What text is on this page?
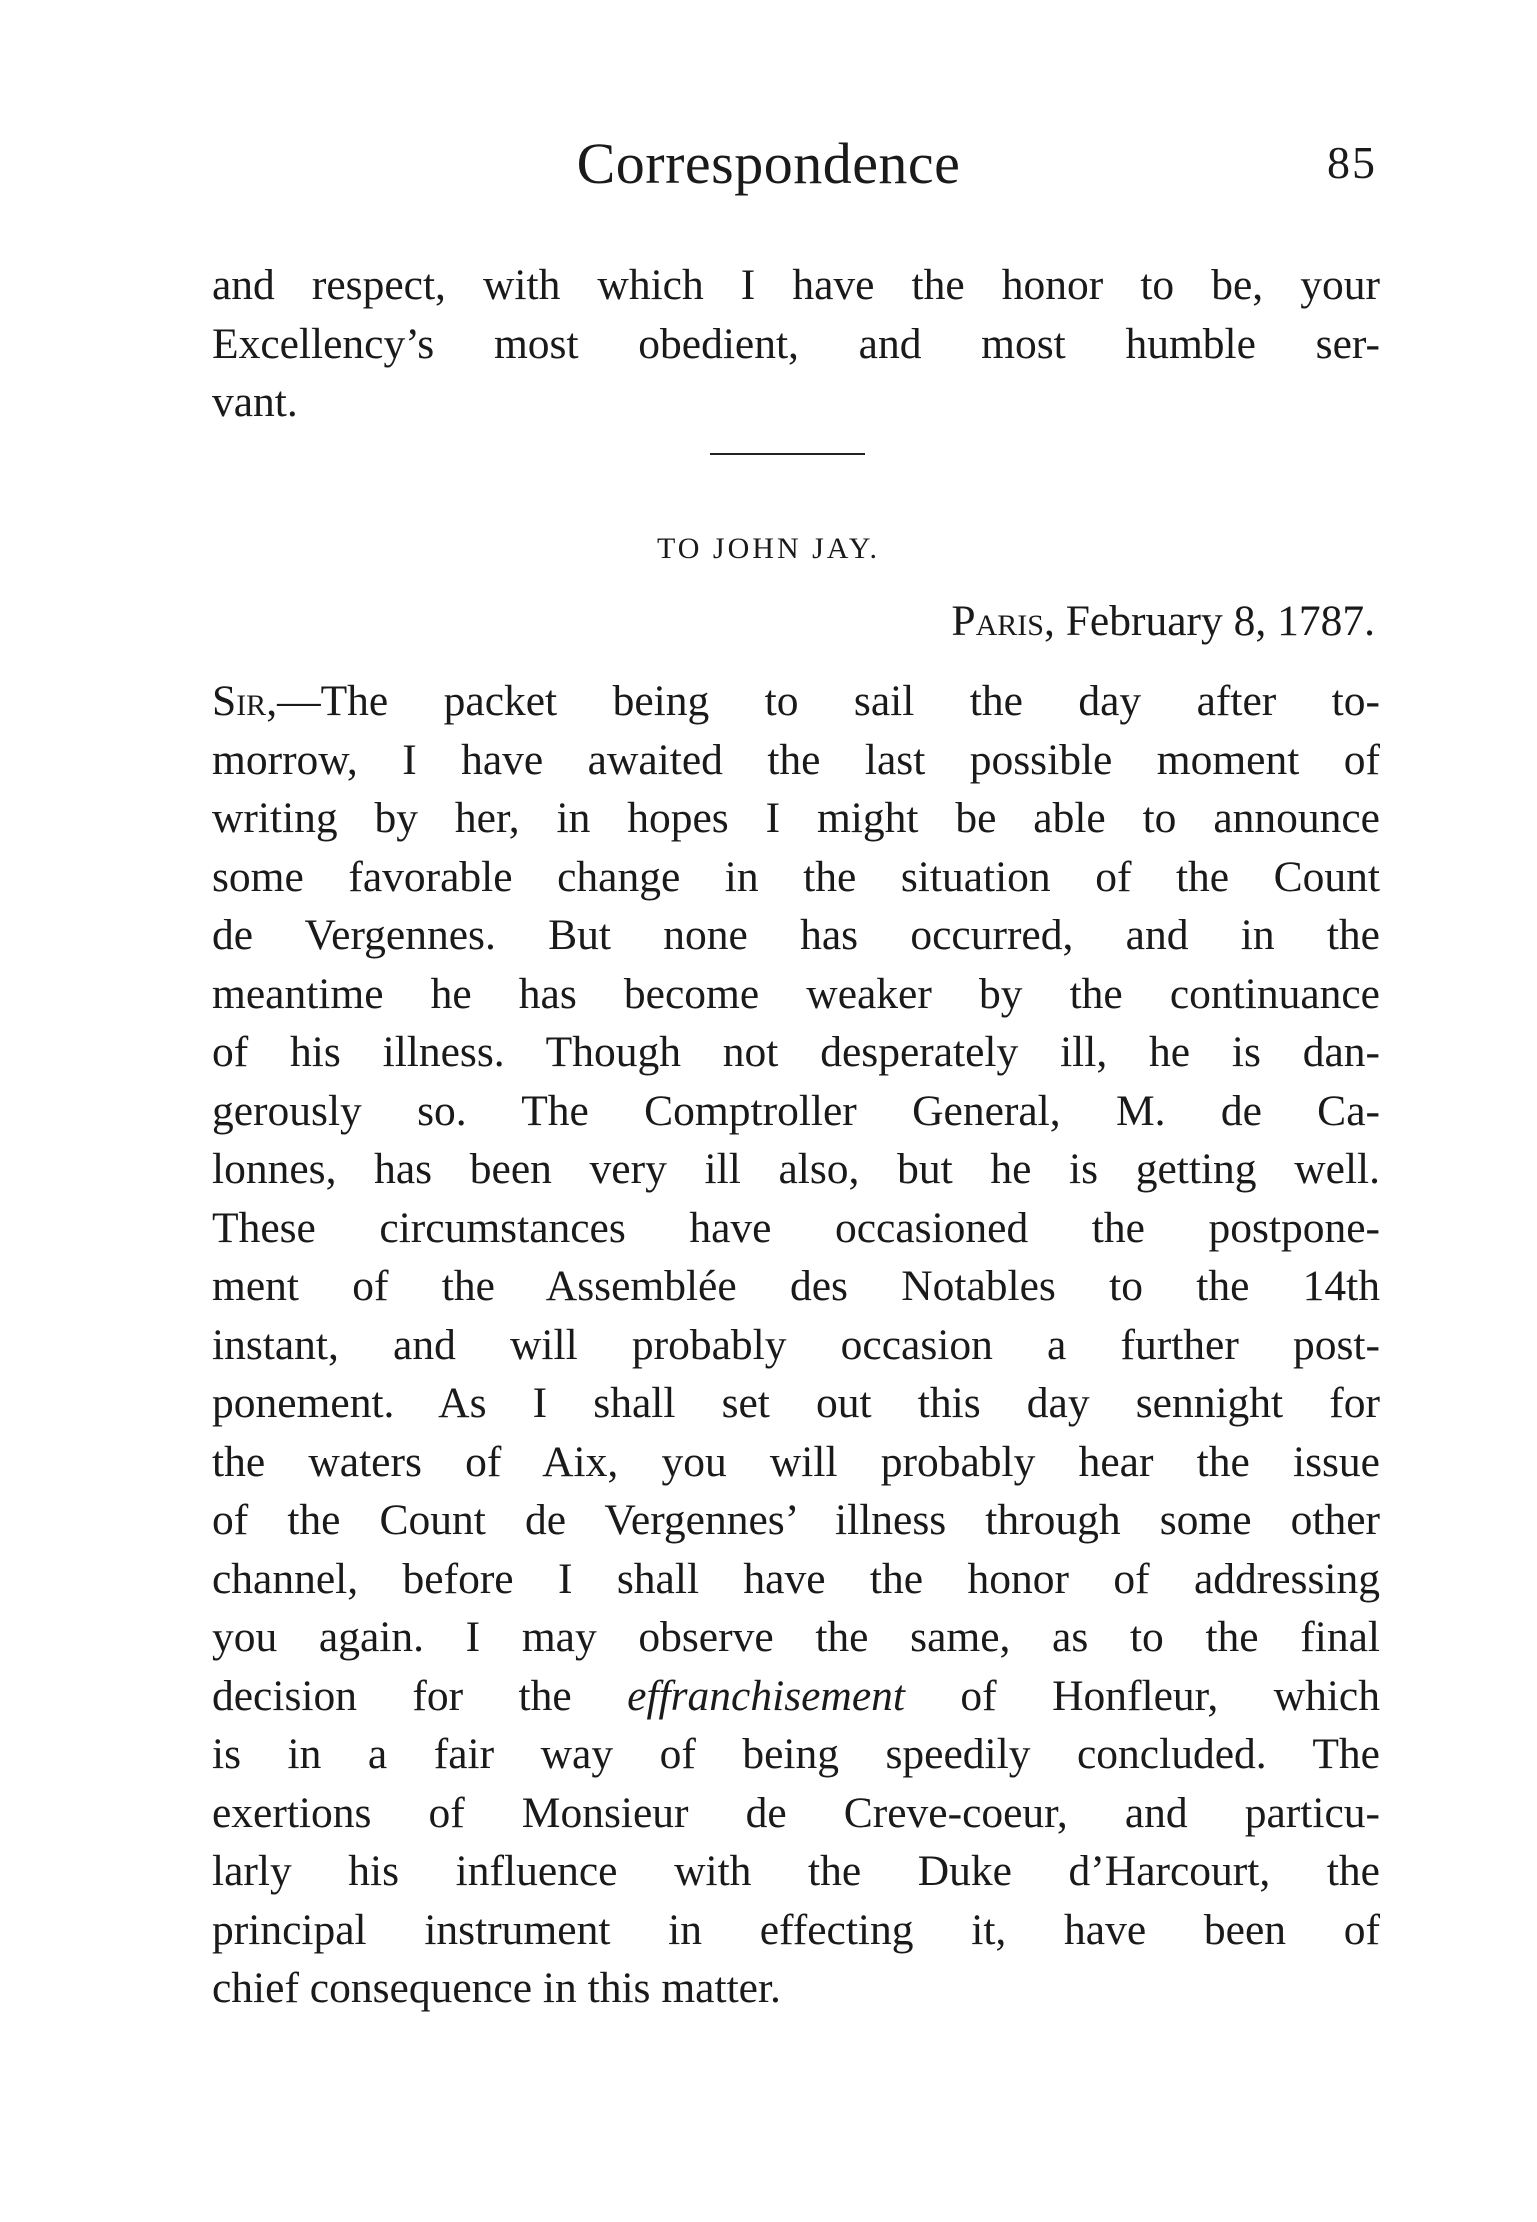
Correspondence	85
and respect, with which I have the honor to be, your
Excellency’s most obedient, and most humble ser-
vant.
TO JOHN JAY.
Paris, February 8, 1787.
Sir,—The packet being to sail the day after to-
morrow, I have awaited the last possible moment of
writing by her, in hopes I might be able to announce
some favorable change in the situation of the Count
de Vergennes. But none has occurred, and in the
meantime he has become weaker by the continuance
of his illness. Though not desperately ill, he is dan-
gerously so. The Comptroller General, M. de Ca-
lonnes, has been very ill also, but he is getting well.
These circumstances have occasioned the postpone-
ment of the Assemblée des Notables to the 14th
instant, and will probably occasion a further post-
ponement. As I shall set out this day sennight for
the waters of Aix, you will probably hear the issue
of the Count de Vergennes’ illness through some other
channel, before I shall have the honor of addressing
you again. I may observe the same, as to the final
decision for the effranchisement of Honfleur, which
is in a fair way of being speedily concluded. The
exertions of Monsieur de Creve-coeur, and particu-
larly his influence with the Duke d’Harcourt, the
principal instrument in effecting it, have been of
chief consequence in this matter.
